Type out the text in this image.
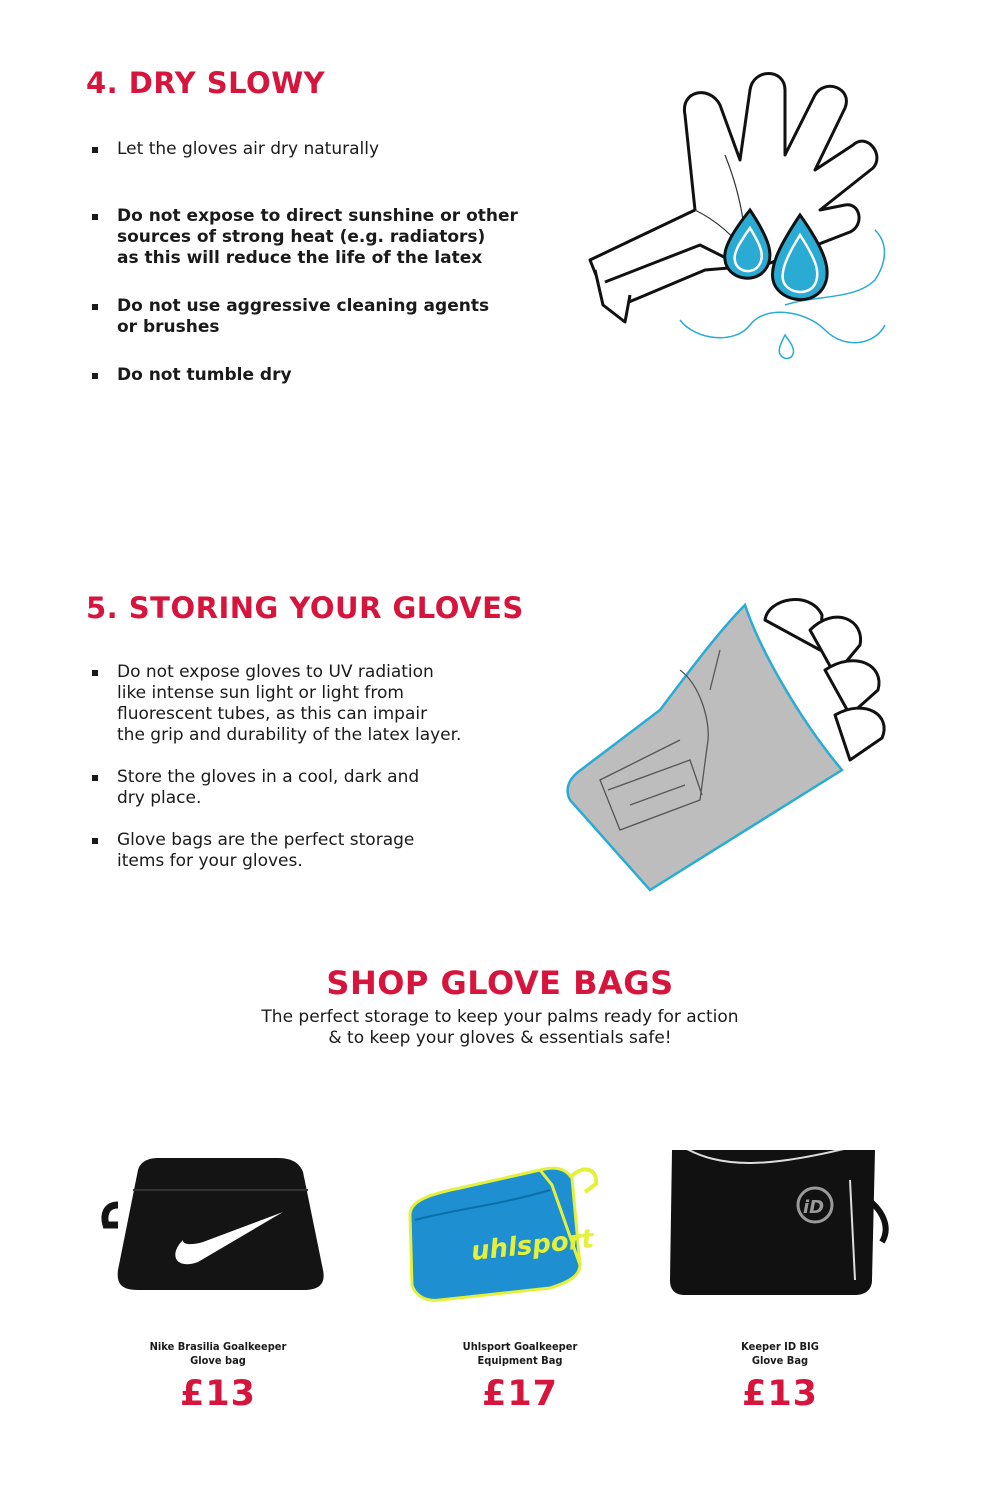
4. DRY SLOWY
Let the gloves air dry naturally
Do not expose to direct sunshine or other
sources of strong heat (e.g. radiators)
as this will reduce the life of the latex
Do not use aggressive cleaning agents
or brushes
Do not tumble dry
5. STORING YOUR GLOVES
Do not expose gloves to UV radiation
like intense sun light or light from
fluorescent tubes, as this can impair
the grip and durability of the latex layer.
Store the gloves in a cool, dark and
dry place.
Glove bags are the perfect storage
items for your gloves.
SHOP GLOVE BAGS

The perfect storage to keep your palms ready for action
& to keep your gloves & essentials safe!

Nike Brasilia Goalkeeper
Glove bag
£13
uhlsport
Uhlsport Goalkeeper
Equipment Bag
£17
iD
Keeper ID BIG
Glove Bag
£13
